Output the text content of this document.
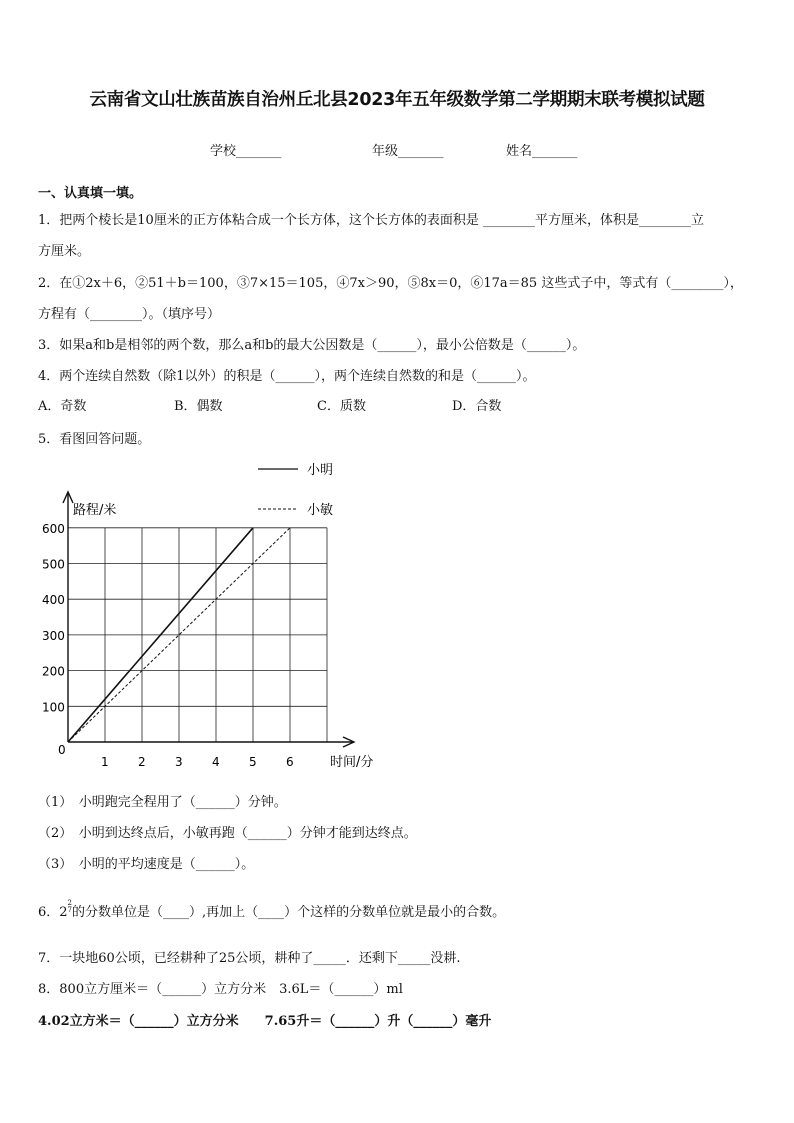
云南省文山壮族苗族自治州丘北县2023年五年级数学第二学期期末联考模拟试题
学校_______	年级_______	姓名_______
一、认真填一填。
1．把两个棱长是10厘米的正方体粘合成一个长方体，这个长方体的表面积是 ________平方厘米，体积是________立
方厘米。
2．在①2x＋6，②51＋b＝100，③7×15＝105，④7x＞90，⑤8x＝0，⑥17a＝85 这些式子中，等式有（________），
方程有（________）。（填序号）
3．如果a和b是相邻的两个数，那么a和b的最大公因数是（______），最小公倍数是（______）。
4．两个连续自然数（除1以外）的积是（______），两个连续自然数的和是（______）。
A．奇数	B．偶数	C．质数	D．合数
5．看图回答问题。
1 2 3 4 5 6
100
200
300
400
500
600
0
路程/米
时间/分
小明
小敏
（1）　小明跑完全程用了（______）分钟。
（2）　小明到达终点后，小敏再跑（______）分钟才能到达终点。
（3）　小明的平均速度是（______）。
6．2
2
7 的分数单位是（____）,再加上（____）个这样的分数单位就是最小的合数。
7．一块地60公顷，已经耕种了25公顷，耕种了_____．还剩下_____没耕.
8．800立方厘米＝（______）立方分米　3.6L＝（______）ml
4.02立方米＝（______）立方分米　　7.65升＝（______）升（______）毫升
